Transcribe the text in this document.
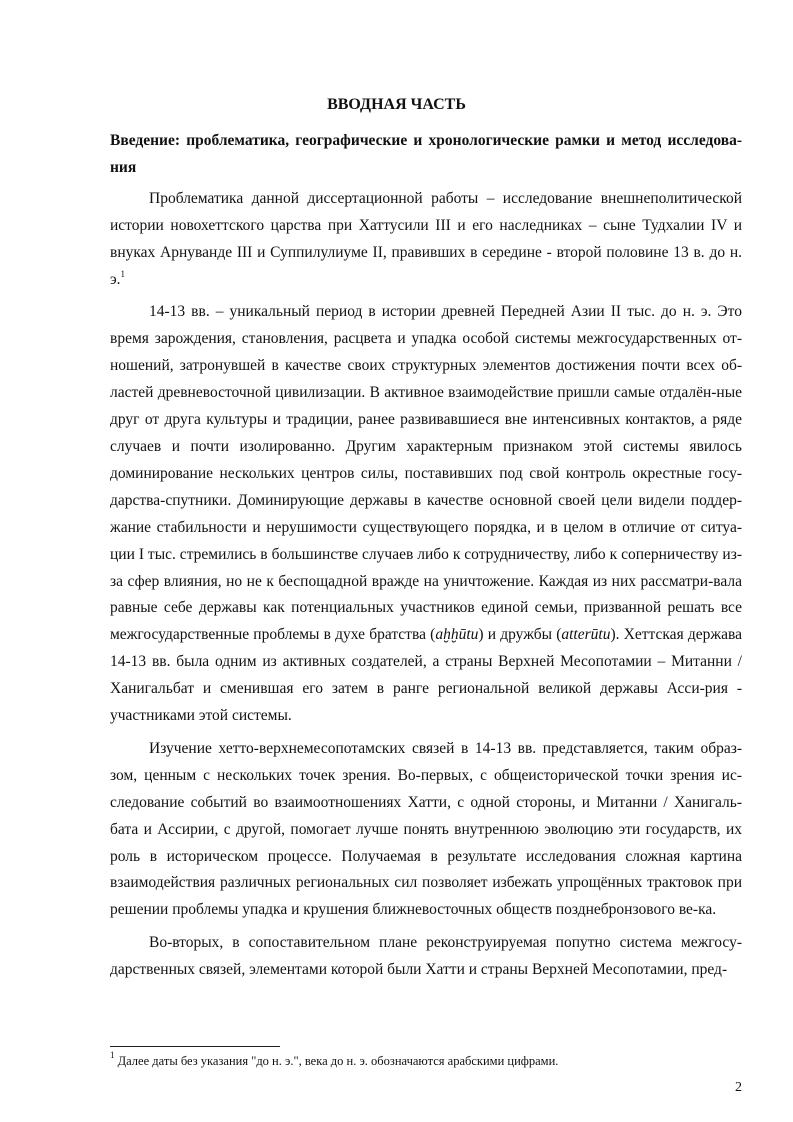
ВВОДНАЯ ЧАСТЬ
Введение: проблематика, географические и хронологические рамки и метод исследова-ния

Проблематика данной диссертационной работы – исследование внешнеполитической истории новохеттского царства при Хаттусили III и его наследниках – сыне Тудхалии IV и внуках Арнуванде III и Суппилулиуме II, правивших в середине - второй половине 13 в. до н. э.$^1$

14-13 вв. – уникальный период в истории древней Передней Азии II тыс. до н. э. Это время зарождения, становления, расцвета и упадка особой системы межгосударственных от-ношений, затронувшей в качестве своих структурных элементов достижения почти всех об-ластей древневосточной цивилизации. В активное взаимодействие пришли самые отдалён-ные друг от друга культуры и традиции, ранее развивавшиеся вне интенсивных контактов, а ряде случаев и почти изолированно. Другим характерным признаком этой системы явилось доминирование нескольких центров силы, поставивших под свой контроль окрестные госу-дарства-спутники. Доминирующие державы в качестве основной своей цели видели поддер-жание стабильности и нерушимости существующего порядка, и в целом в отличие от ситуа-ции I тыс. стремились в большинстве случаев либо к сотрудничеству, либо к соперничеству из-за сфер влияния, но не к беспощадной вражде на уничтожение. Каждая из них рассматри-вала равные себе державы как потенциальных участников единой семьи, призванной решать все межгосударственные проблемы в духе братства (aḫḫūtu) и дружбы (atterūtu). Хеттская держава 14-13 вв. была одним из активных создателей, а страны Верхней Месопотамии – Митанни / Ханигальбат и сменившая его затем в ранге региональной великой державы Асси-рия - участниками этой системы.

Изучение хетто-верхнемесопотамских связей в 14-13 вв. представляется, таким образ-зом, ценным с нескольких точек зрения. Во-первых, с общеисторической точки зрения ис-следование событий во взаимоотношениях Хатти, с одной стороны, и Митанни / Ханигаль-бата и Ассирии, с другой, помогает лучше понять внутреннюю эволюцию эти государств, их роль в историческом процессе. Получаемая в результате исследования сложная картина взаимодействия различных региональных сил позволяет избежать упрощённых трактовок при решении проблемы упадка и крушения ближневосточных обществ позднебронзового ве-ка.

Во-вторых, в сопоставительном плане реконструируемая попутно система межгосу-дарственных связей, элементами которой были Хатти и страны Верхней Месопотамии, пред-

$^1$ Далее даты без указания "до н. э.", века до н. э. обозначаются арабскими цифрами.
2
